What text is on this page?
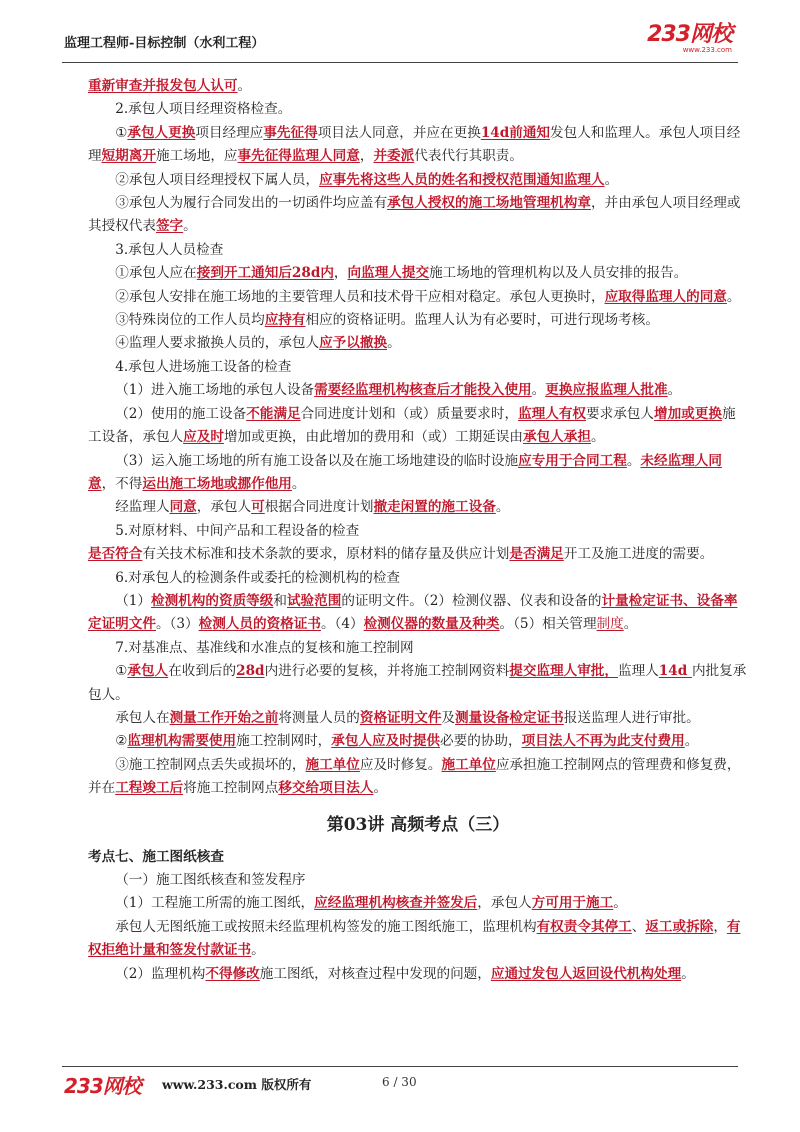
监理工程师-目标控制（水利工程）	233网校
www.233.com

重新审查并报发包人认可。

2.承包人项目经理资格检查。

①承包人更换项目经理应事先征得项目法人同意，并应在更换14d前通知发包人和监理人。承包人项目经理短期离开施工场地，应事先征得监理人同意，并委派代表代行其职责。

②承包人项目经理授权下属人员，应事先将这些人员的姓名和授权范围通知监理人。

③承包人为履行合同发出的一切函件均应盖有承包人授权的施工场地管理机构章，并由承包人项目经理或其授权代表签字。

3.承包人人员检查

①承包人应在接到开工通知后28d内，向监理人提交施工场地的管理机构以及人员安排的报告。

②承包人安排在施工场地的主要管理人员和技术骨干应相对稳定。承包人更换时，应取得监理人的同意。

③特殊岗位的工作人员均应持有相应的资格证明。监理人认为有必要时，可进行现场考核。

④监理人要求撤换人员的，承包人应予以撤换。

4.承包人进场施工设备的检查

（1）进入施工场地的承包人设备需要经监理机构核查后才能投入使用。更换应报监理人批准。

（2）使用的施工设备不能满足合同进度计划和（或）质量要求时，监理人有权要求承包人增加或更换施工设备，承包人应及时增加或更换，由此增加的费用和（或）工期延误由承包人承担。

（3）运入施工场地的所有施工设备以及在施工场地建设的临时设施应专用于合同工程。未经监理人同意，不得运出施工场地或挪作他用。

经监理人同意，承包人可根据合同进度计划撤走闲置的施工设备。

5.对原材料、中间产品和工程设备的检查

是否符合有关技术标准和技术条款的要求，原材料的储存量及供应计划是否满足开工及施工进度的需要。

6.对承包人的检测条件或委托的检测机构的检查

（1）检测机构的资质等级和试验范围的证明文件。（2）检测仪器、仪表和设备的计量检定证书、设备率定证明文件。（3）检测人员的资格证书。（4）检测仪器的数量及种类。（5）相关管理制度。

7.对基准点、基准线和水准点的复核和施工控制网

①承包人在收到后的28d内进行必要的复核，并将施工控制网资料提交监理人审批，监理人14d 内批复承包人。

承包人在测量工作开始之前将测量人员的资格证明文件及测量设备检定证书报送监理人进行审批。

②监理机构需要使用施工控制网时，承包人应及时提供必要的协助，项目法人不再为此支付费用。

③施工控制网点丢失或损坏的，施工单位应及时修复。施工单位应承担施工控制网点的管理费和修复费，并在工程竣工后将施工控制网点移交给项目法人。

第03讲 高频考点（三）

考点七、施工图纸核查

（一）施工图纸核查和签发程序

（1）工程施工所需的施工图纸，应经监理机构核查并签发后，承包人方可用于施工。

承包人无图纸施工或按照未经监理机构签发的施工图纸施工，监理机构有权责令其停工、返工或拆除，有权拒绝计量和签发付款证书。

（2）监理机构不得修改施工图纸，对核查过程中发现的问题，应通过发包人返回设代机构处理。

233网校 www.233.com 版权所有	6 / 30
